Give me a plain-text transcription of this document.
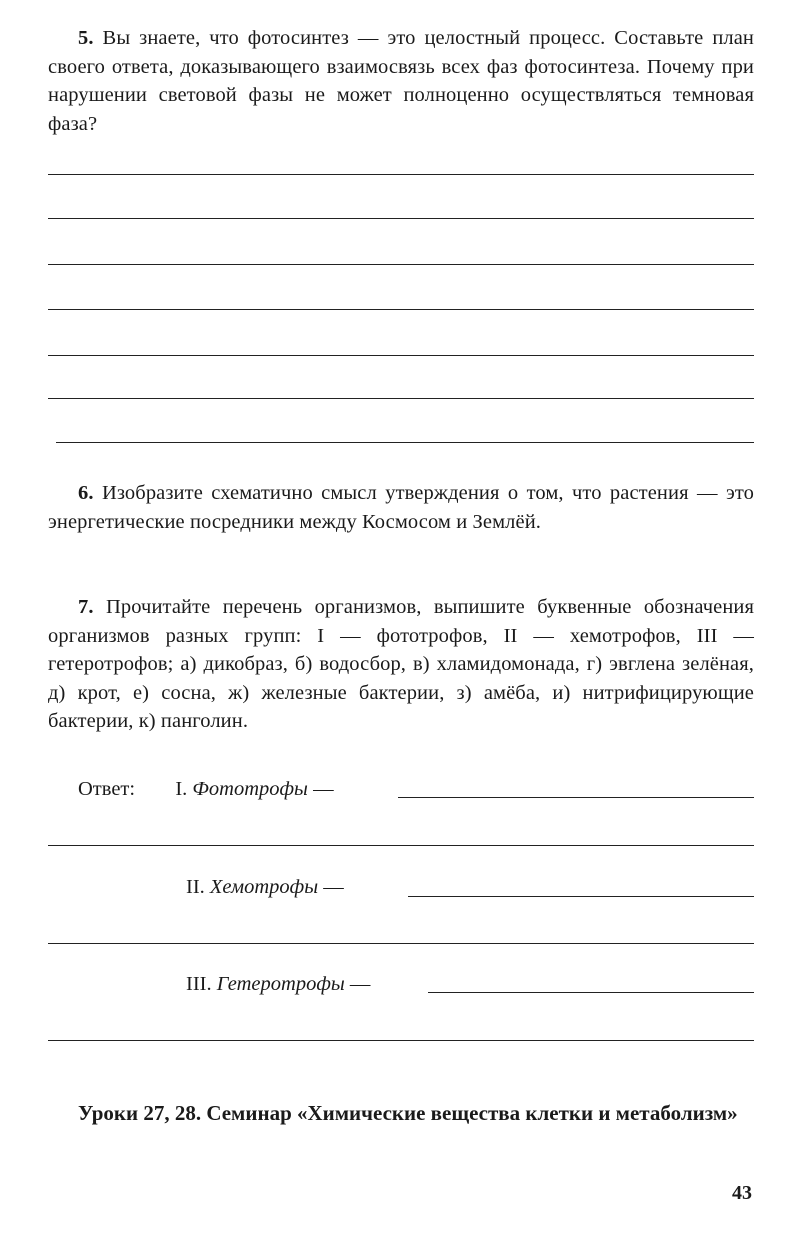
5. Вы знаете, что фотосинтез — это целостный процесс. Составьте план своего ответа, доказывающего взаимосвязь всех фаз фотосинтеза. Почему при нарушении световой фазы не может полноценно осуществляться темновая фаза?
6. Изобразите схематично смысл утверждения о том, что растения — это энергетические посредники между Космосом и Землёй.
7. Прочитайте перечень организмов, выпишите буквенные обозначения организмов разных групп: I — фототрофов, II — хемотрофов, III — гетеротрофов; а) дикобраз, б) водосбор, в) хламидомонада, г) эвглена зелёная, д) крот, е) сосна, ж) железные бактерии, з) амёба, и) нитрифицирующие бактерии, к) панголин.
Ответ: I. Фототрофы —
II. Хемотрофы —
III. Гетеротрофы —
Уроки 27, 28. Семинар «Химические вещества клетки и метаболизм»
43
